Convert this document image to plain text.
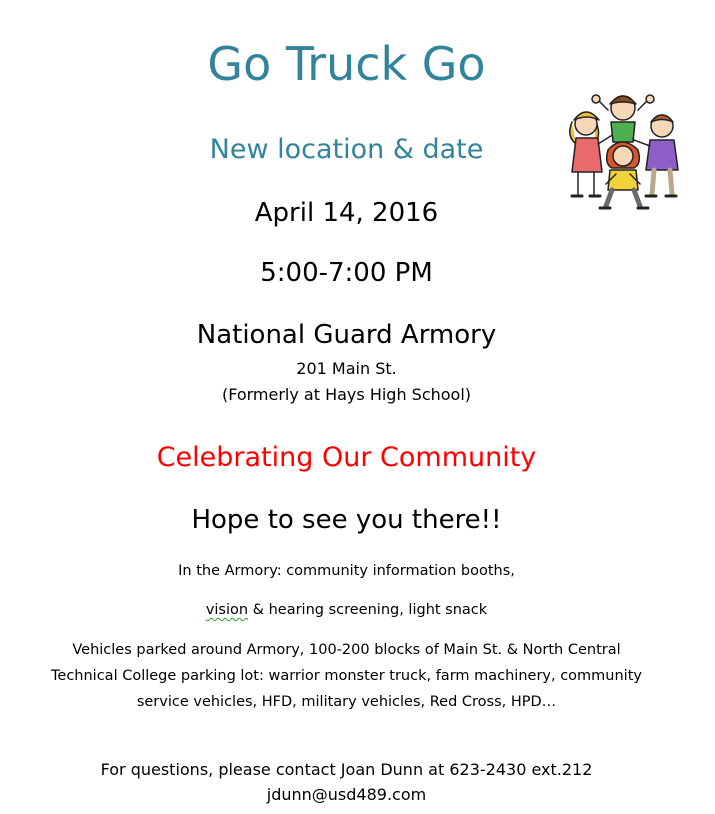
Go Truck Go
New location & date
April 14, 2016
5:00-7:00 PM
National Guard Armory
201 Main St.
(Formerly at Hays High School)
Celebrating Our Community
Hope to see you there!!
In the Armory: community information booths,
vision & hearing screening, light snack
Vehicles parked around Armory, 100-200 blocks of Main St. & North Central
Technical College parking lot: warrior monster truck, farm machinery, community
service vehicles, HFD, military vehicles, Red Cross, HPD…
For questions, please contact Joan Dunn at 623-2430 ext.212
jdunn@usd489.com
